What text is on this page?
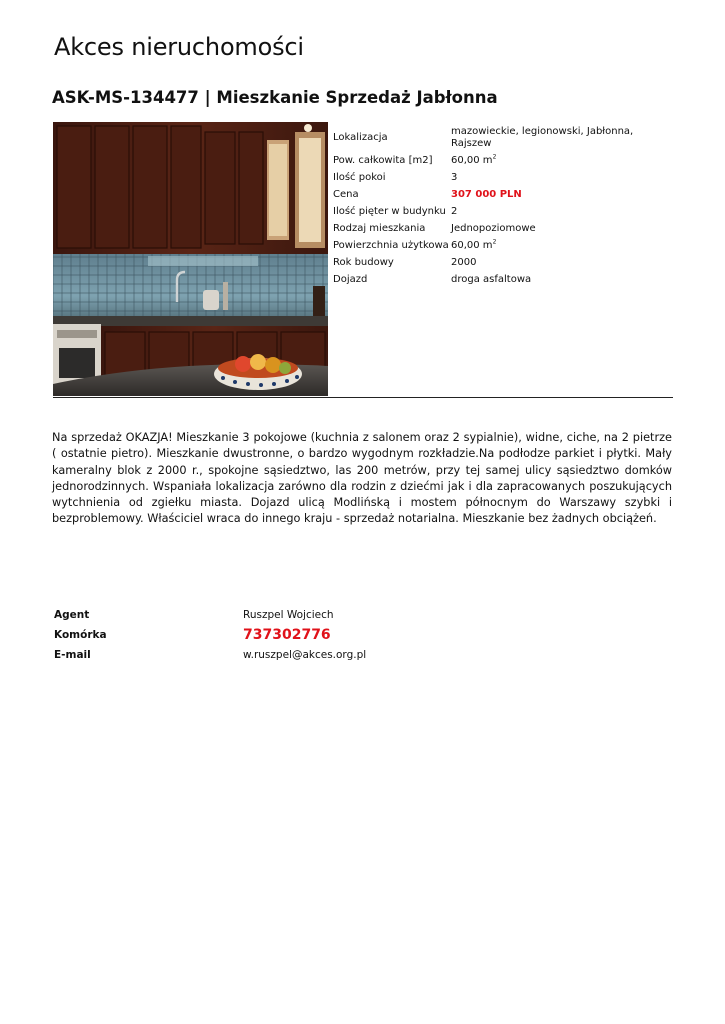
Akces nieruchomości
ASK-MS-134477 | Mieszkanie Sprzedaż Jabłonna
Lokalizacja	mazowieckie, legionowski, Jabłonna, Rajszew
Pow. całkowita [m2]	60,00 $m^2$
Ilość pokoi	3
Cena	307 000 PLN
Ilość pięter w budynku	2
Rodzaj mieszkania	Jednopoziomowe
Powierzchnia użytkowa	60,00 $m^2$
Rok budowy	2000
Dojazd	droga asfaltowa
Na sprzedaż OKAZJA! Mieszkanie 3 pokojowe (kuchnia z salonem oraz 2 sypialnie), widne, ciche, na 2 pietrze ( ostatnie pietro). Mieszkanie dwustronne, o bardzo wygodnym rozkładzie.Na podłodze parkiet i płytki. Mały kameralny blok z 2000 r., spokojne sąsiedztwo, las 200 metrów, przy tej samej ulicy sąsiedztwo domków jednorodzinnych. Wspaniała lokalizacja zarówno dla rodzin z dziećmi jak i dla zapracowanych poszukujących wytchnienia od zgiełku miasta. Dojazd ulicą Modlińską i mostem północnym do Warszawy szybki i bezproblemowy. Właściciel wraca do innego kraju - sprzedaż notarialna. Mieszkanie bez żadnych obciążeń.
Agent	Ruszpel Wojciech
Komórka	737302776
E-mail	w.ruszpel@akces.org.pl
